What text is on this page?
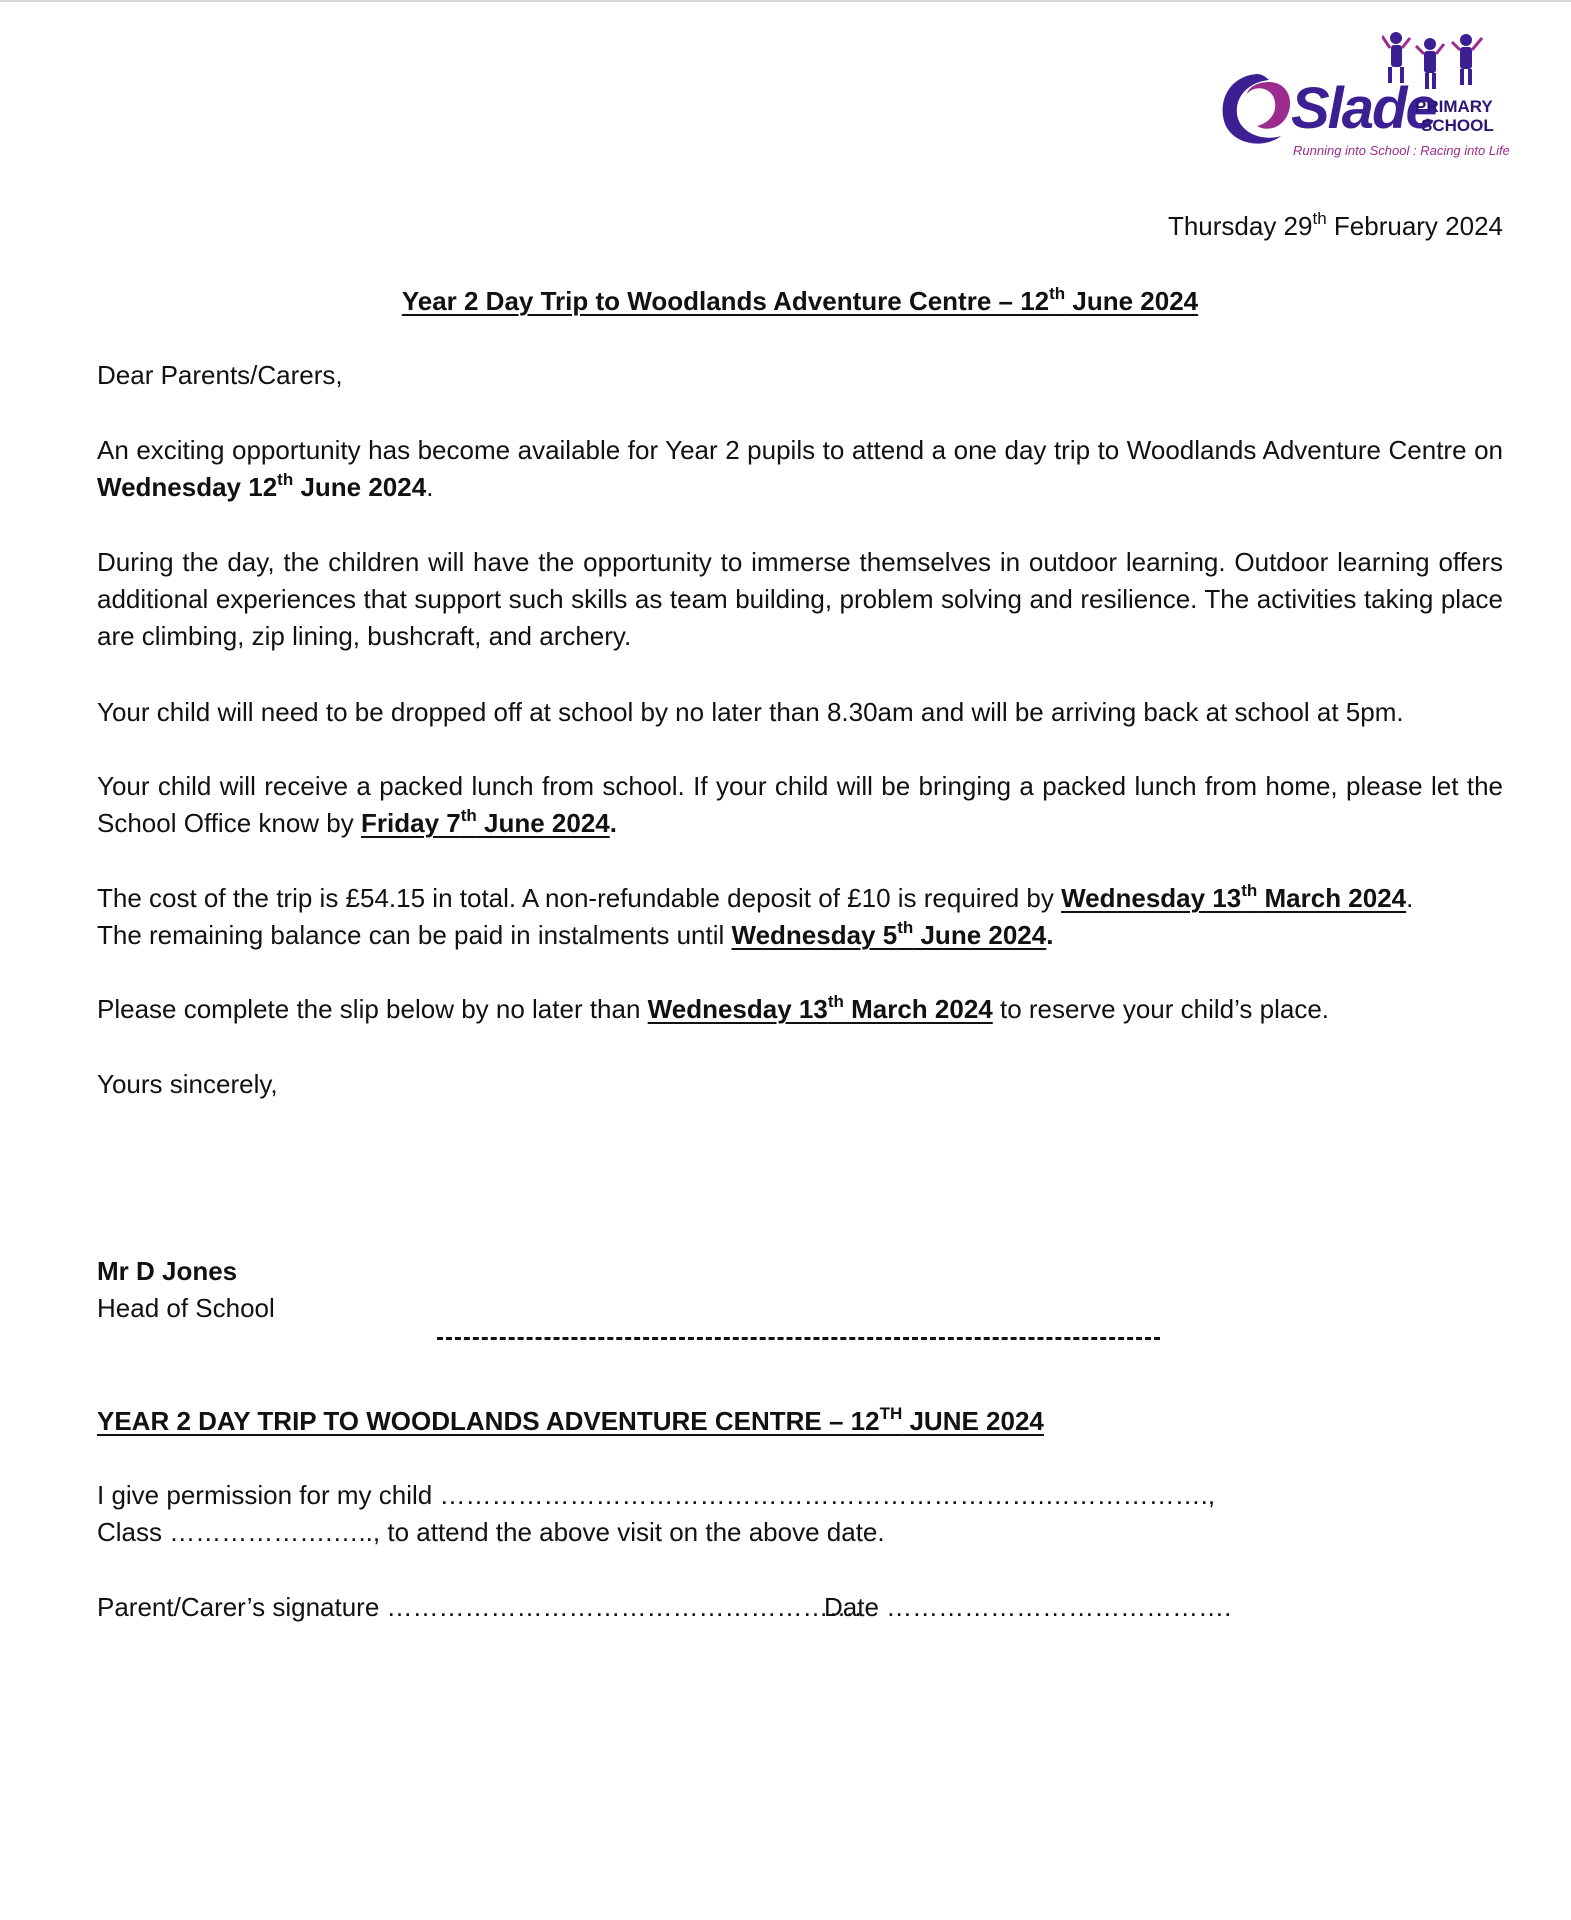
Slade
PRIMARY
SCHOOL
Running into School : Racing into Life
Thursday 29th February 2024
Year 2 Day Trip to Woodlands Adventure Centre – 12th June 2024
Dear Parents/Carers,
An exciting opportunity has become available for Year 2 pupils to attend a one day trip to Woodlands Adventure Centre on Wednesday 12th June 2024.
During the day, the children will have the opportunity to immerse themselves in outdoor learning. Outdoor learning offers additional experiences that support such skills as team building, problem solving and resilience. The activities taking place are climbing, zip lining, bushcraft, and archery.
Your child will need to be dropped off at school by no later than 8.30am and will be arriving back at school at 5pm.
Your child will receive a packed lunch from school. If your child will be bringing a packed lunch from home, please let the School Office know by Friday 7th June 2024.
The cost of the trip is £54.15 in total. A non-refundable deposit of £10 is required by Wednesday 13th March 2024.
The remaining balance can be paid in instalments until Wednesday 5th June 2024.
Please complete the slip below by no later than Wednesday 13th March 2024 to reserve your child’s place.
Yours sincerely,
Mr D Jones
Head of School
YEAR 2 DAY TRIP TO WOODLANDS ADVENTURE CENTRE – 12TH JUNE 2024
I give permission for my child …………………………………………………………….……………….,
Class ……………….….., to attend the above visit on the above date.
Parent/Carer’s signature ……………………………………………….
Date ………………………………….
